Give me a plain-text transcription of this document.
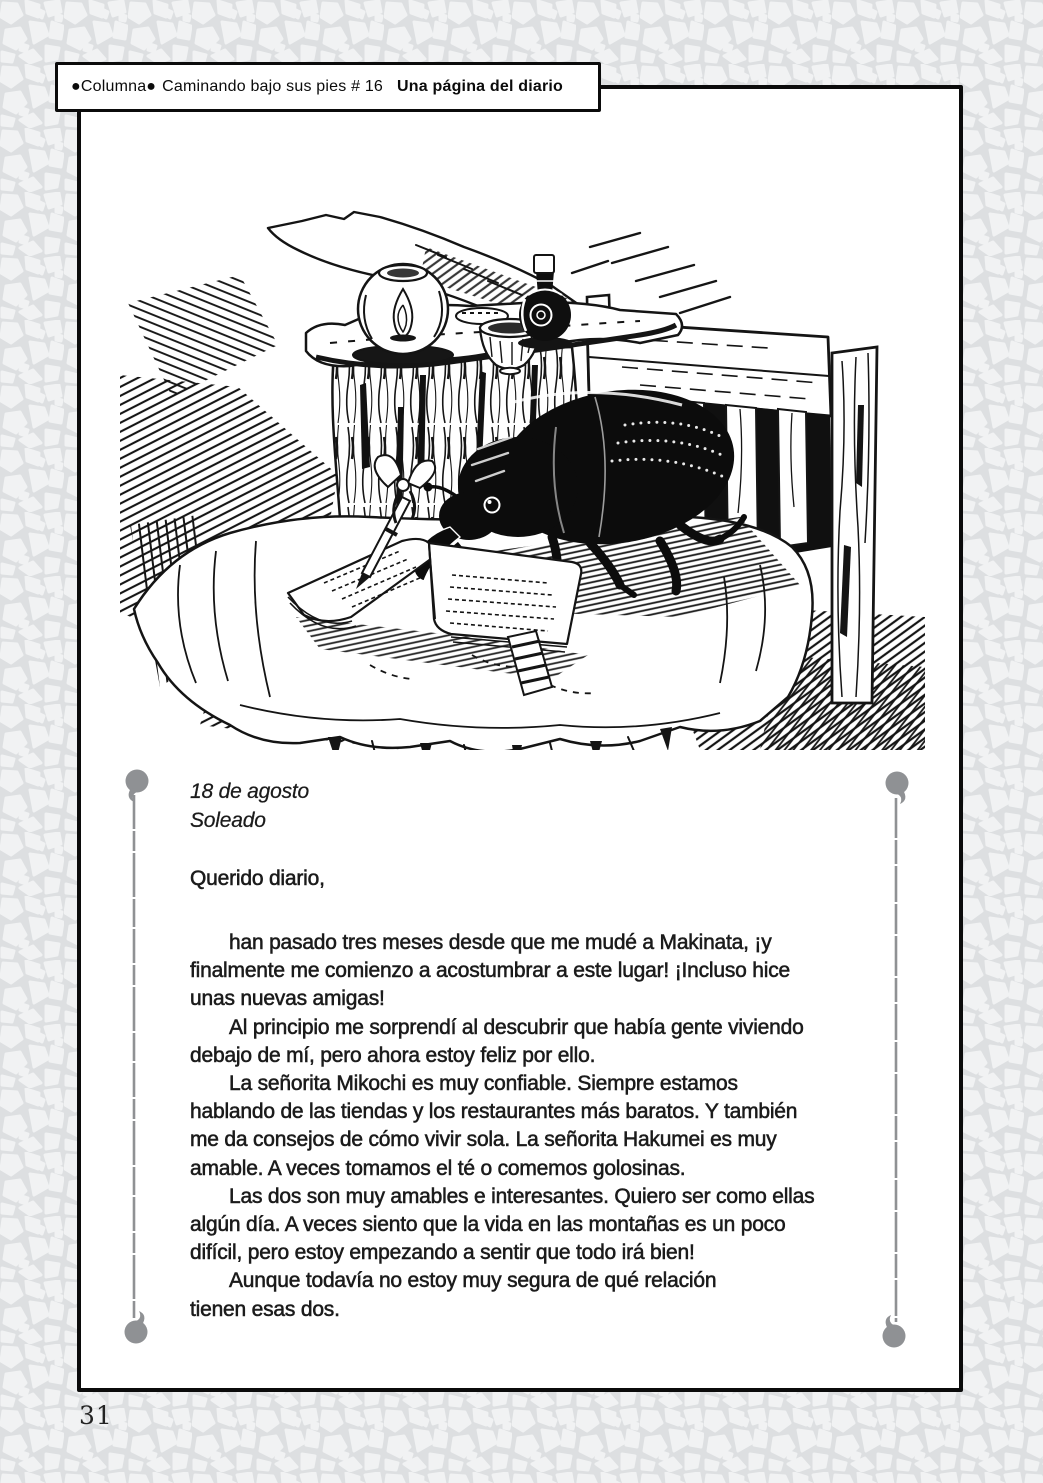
●Columna● Caminando bajo sus pies # 16 Una página del diario
18 de agosto
Soleado
Querido diario,
han pasado tres meses desde que me mudé a Makinata, ¡y
finalmente me comienzo a acostumbrar a este lugar! ¡Incluso hice
unas nuevas amigas!
Al principio me sorprendí al descubrir que había gente viviendo
debajo de mí, pero ahora estoy feliz por ello.
La señorita Mikochi es muy confiable. Siempre estamos
hablando de las tiendas y los restaurantes más baratos. Y también
me da consejos de cómo vivir sola. La señorita Hakumei es muy
amable. A veces tomamos el té o comemos golosinas.
Las dos son muy amables e interesantes. Quiero ser como ellas
algún día. A veces siento que la vida en las montañas es un poco
difícil, pero estoy empezando a sentir que todo irá bien!
Aunque todavía no estoy muy segura de qué relación
tienen esas dos.
31
